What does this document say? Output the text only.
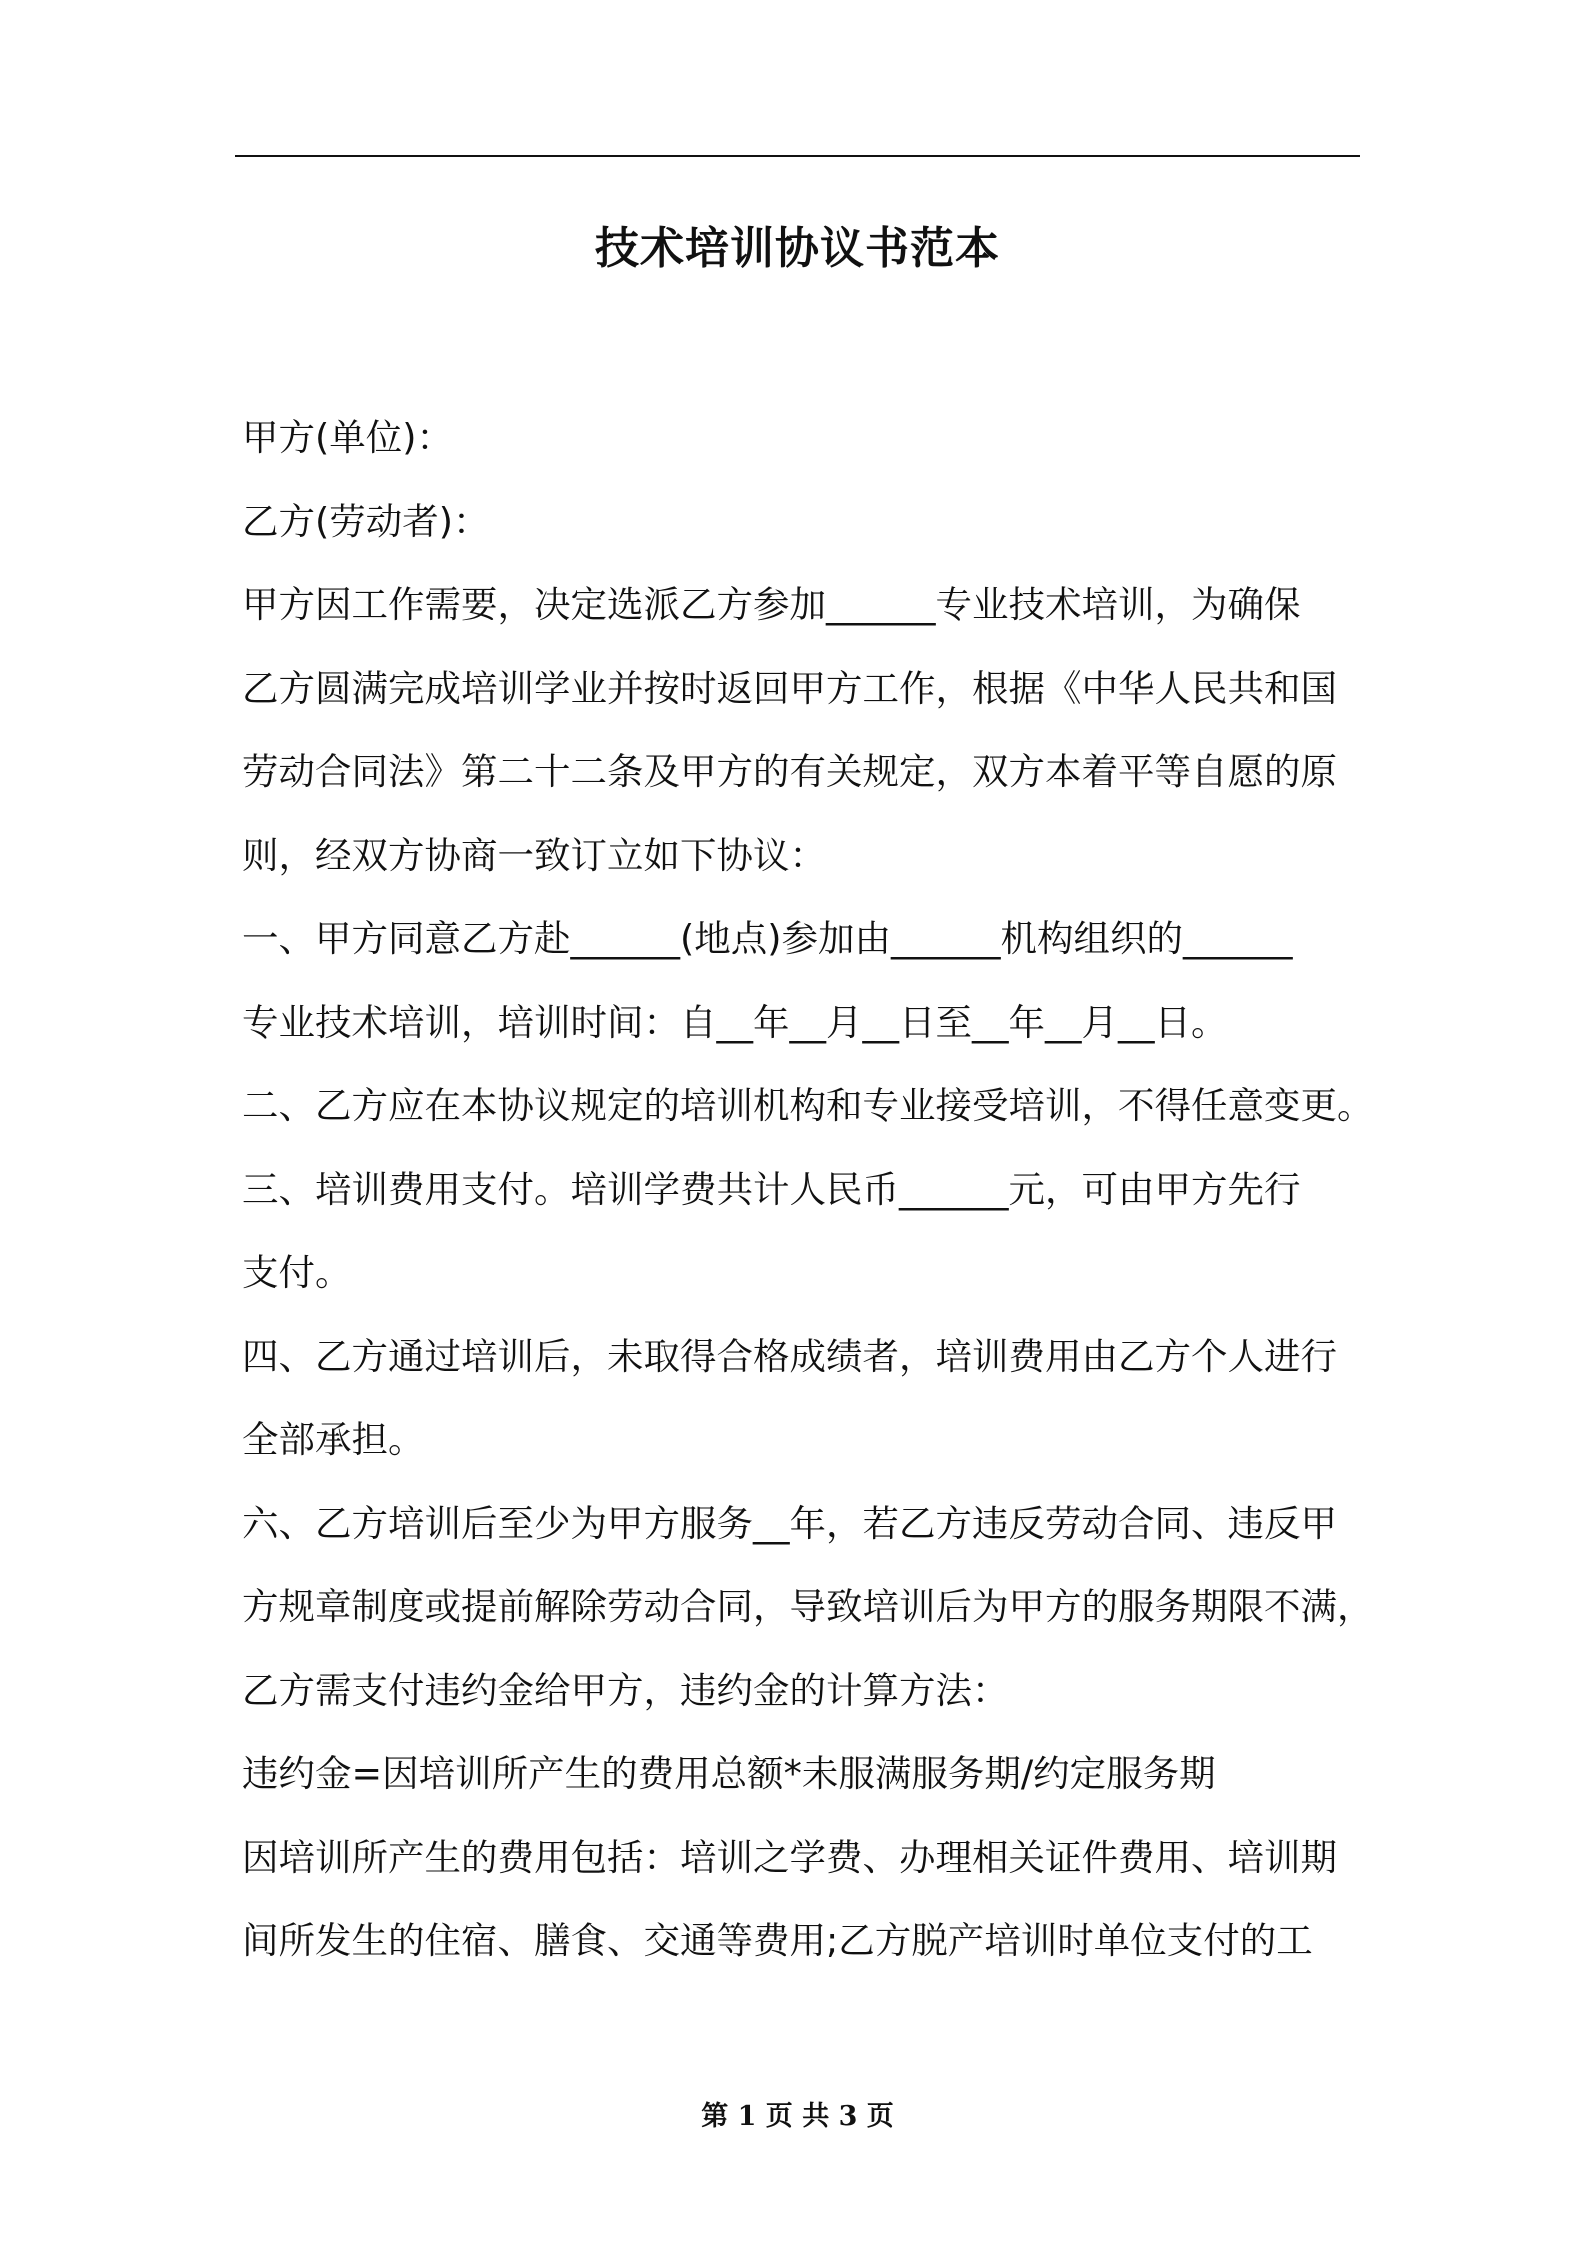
技术培训协议书范本
甲方(单位)：
乙方(劳动者)：
甲方因工作需要，决定选派乙方参加______专业技术培训，为确保
乙方圆满完成培训学业并按时返回甲方工作，根据《中华人民共和国
劳动合同法》第二十二条及甲方的有关规定，双方本着平等自愿的原
则，经双方协商一致订立如下协议：
一、甲方同意乙方赴______(地点)参加由______机构组织的______
专业技术培训，培训时间：自__年__月__日至__年__月__日。
二、乙方应在本协议规定的培训机构和专业接受培训，不得任意变更。
三、培训费用支付。培训学费共计人民币______元，可由甲方先行
支付。
四、乙方通过培训后，未取得合格成绩者，培训费用由乙方个人进行
全部承担。
六、乙方培训后至少为甲方服务__年，若乙方违反劳动合同、违反甲
方规章制度或提前解除劳动合同，导致培训后为甲方的服务期限不满，
乙方需支付违约金给甲方，违约金的计算方法：
违约金=因培训所产生的费用总额*未服满服务期/约定服务期
因培训所产生的费用包括：培训之学费、办理相关证件费用、培训期
间所发生的住宿、膳食、交通等费用;乙方脱产培训时单位支付的工
第 1 页 共 3 页
